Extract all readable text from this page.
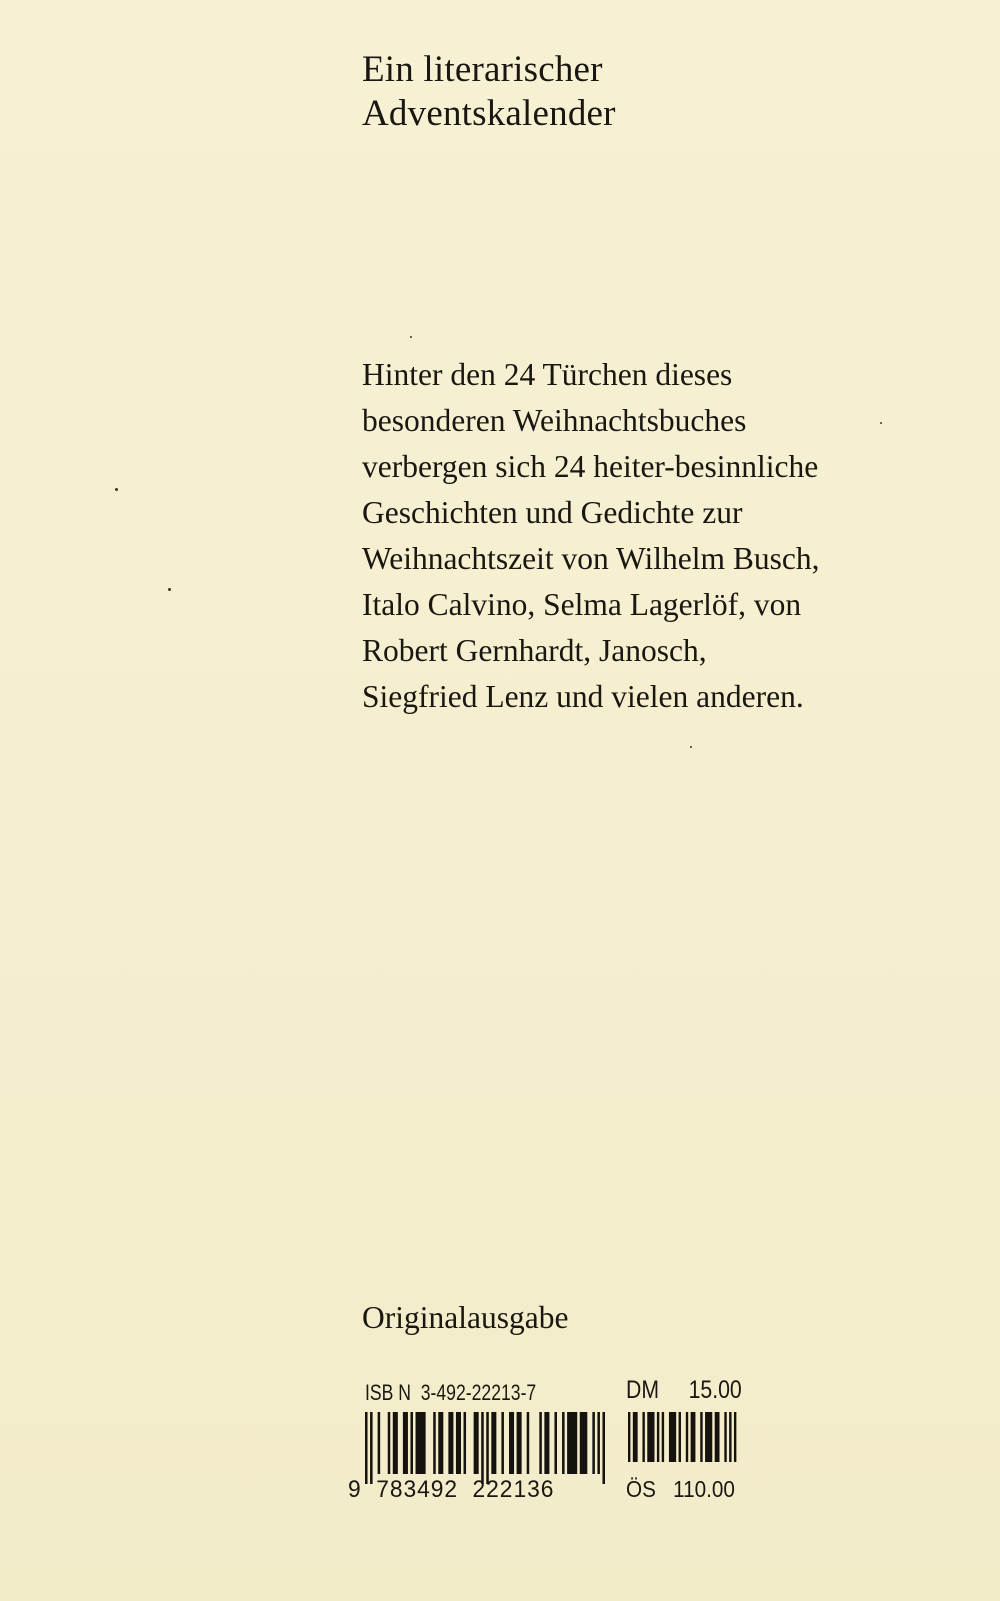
Ein literarischer
Adventskalender
Hinter den 24 Türchen dieses
besonderen Weihnachtsbuches
verbergen sich 24 heiter-besinnliche
Geschichten und Gedichte zur
Weihnachtszeit von Wilhelm Busch,
Italo Calvino, Selma Lagerlöf, von
Robert Gernhardt, Janosch,
Siegfried Lenz und vielen anderen.
Originalausgabe
ISB N  3-492-22213-7	DM     15.00
9  783492  222136	ÖS   110.00
